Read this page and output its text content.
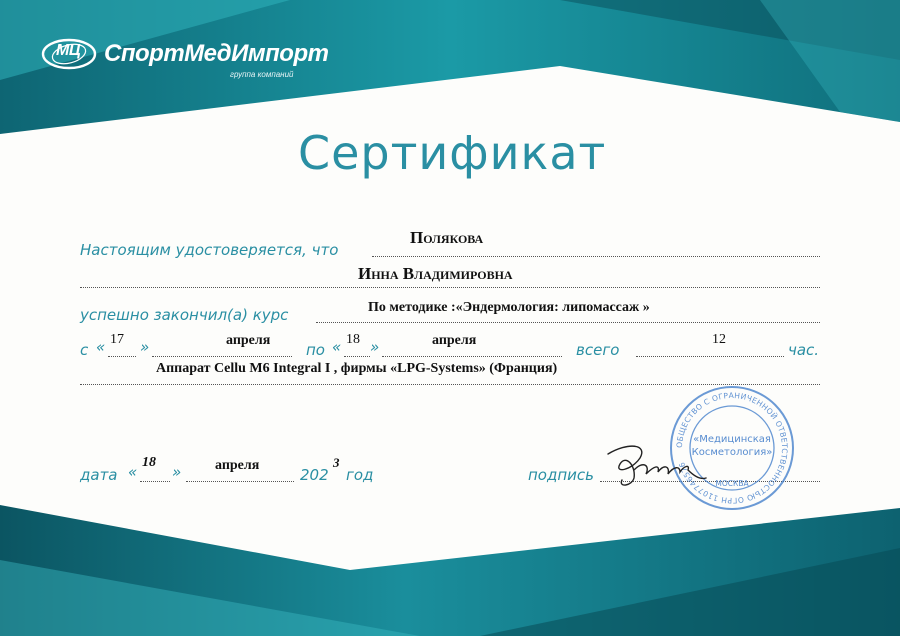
МЦ СпортМедИмпорт
группа компаний
Сертификат
Настоящим удостоверяется, что
Полякова
Инна Владимировна
успешно закончил(а) курс	По методике :«Эндермология: липомассаж »
с « 17 »	апреля
по « 18 »	апреля
всего
12
час.
Аппарат Cellu M6 Integral I , фирмы «LPG-Systems» (Франция)
дата «
18
» апреля
202
3
год	подпись
ОБЩЕСТВО С ОГРАНИЧЕННОЙ ОТВЕТСТВЕННОСТЬЮ ОГРН 1107746576
«Медицинская
Косметология»
МОСКВА
